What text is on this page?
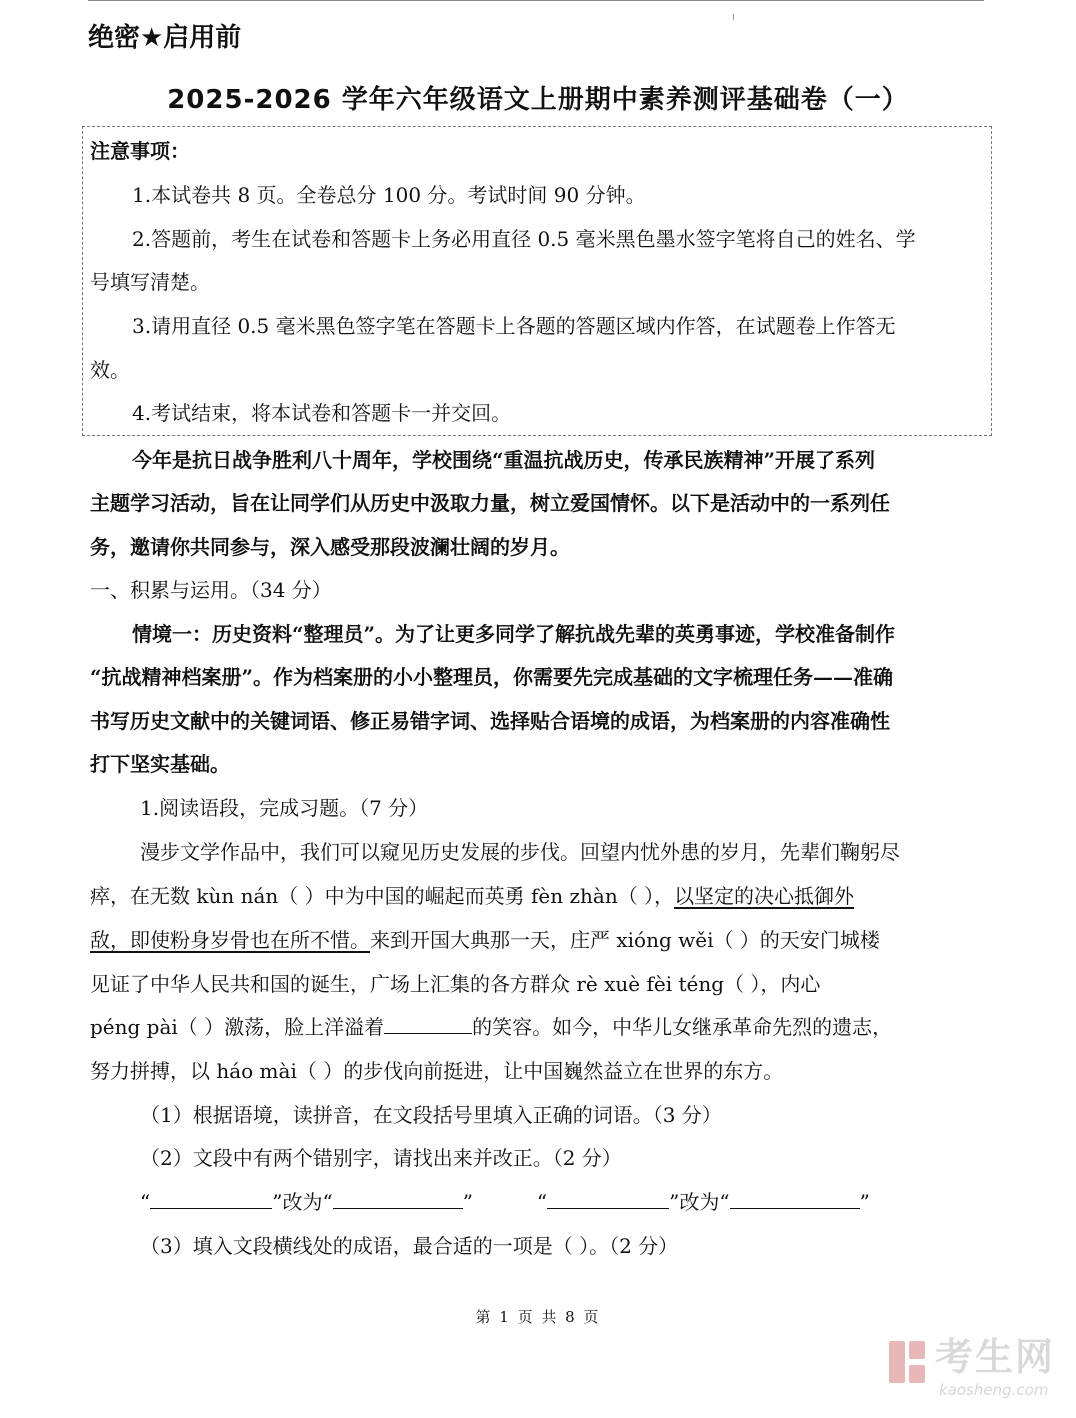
绝密★启用前
2025-2026 学年六年级语文上册期中素养测评基础卷（一）
注意事项：
1.本试卷共 8 页。全卷总分 100 分。考试时间 90 分钟。
2.答题前，考生在试卷和答题卡上务必用直径 0.5 毫米黑色墨水签字笔将自己的姓名、学
号填写清楚。
3.请用直径 0.5 毫米黑色签字笔在答题卡上各题的答题区域内作答，在试题卷上作答无
效。
4.考试结束，将本试卷和答题卡一并交回。
今年是抗日战争胜利八十周年，学校围绕“重温抗战历史，传承民族精神”开展了系列
主题学习活动，旨在让同学们从历史中汲取力量，树立爱国情怀。以下是活动中的一系列任
务，邀请你共同参与，深入感受那段波澜壮阔的岁月。
一、积累与运用。（34 分）
情境一：历史资料“整理员”。为了让更多同学了解抗战先辈的英勇事迹，学校准备制作
“抗战精神档案册”。作为档案册的小小整理员，你需要先完成基础的文字梳理任务——准确
书写历史文献中的关键词语、修正易错字词、选择贴合语境的成语，为档案册的内容准确性
打下坚实基础。
1.阅读语段，完成习题。（7 分）
漫步文学作品中，我们可以窥见历史发展的步伐。回望内忧外患的岁月，先辈们鞠躬尽
瘁，在无数 kùn nán（ ）中为中国的崛起而英勇 fèn zhàn（ ），以坚定的决心抵御外
敌，即使粉身岁骨也在所不惜。来到开国大典那一天，庄严 xióng wěi（ ）的天安门城楼
见证了中华人民共和国的诞生，广场上汇集的各方群众 rè xuè fèi téng（ ），内心
péng pài（ ）激荡，脸上洋溢着	的笑容。如今，中华儿女继承革命先烈的遗志，
努力拼搏，以 háo mài（ ）的步伐向前挺进，让中国巍然益立在世界的东方。
（1）根据语境，读拼音，在文段括号里填入正确的词语。（3 分）
（2）文段中有两个错别字，请找出来并改正。（2 分）
“	”改为“	”	“	”改为“	”
（3）填入文段横线处的成语，最合适的一项是（ ）。（2 分）
第 1 页 共 8 页
考生网
kaosheng.com
